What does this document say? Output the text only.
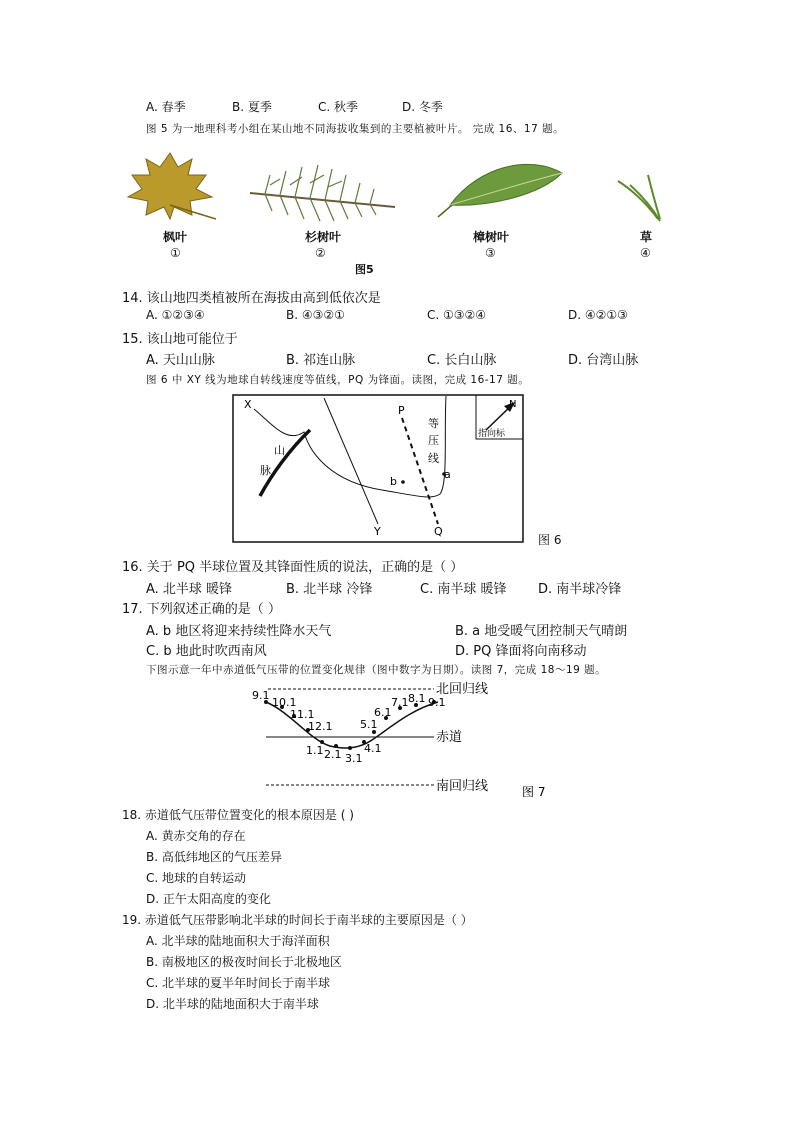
A. 春季	B. 夏季	C. 秋季	D. 冬季
图 5 为一地理科考小组在某山地不同海拔收集到的主要植被叶片。 完成 16、17 题。
枫叶
①
杉树叶
②
樟树叶
③
草
④
图5
14. 该山地四类植被所在海拔由高到低依次是
A. ①②③④	B. ④③②①	C. ①③②④	D. ④②①③
15. 该山地可能位于
A. 天山山脉	B. 祁连山脉	C. 长白山脉	D. 台湾山脉
图 6 中 XY 线为地球自转线速度等值线，PQ 为锋面。读图，完成 16-17 题。
N
指向标
X
Y
P
Q
a
b
山
脉
等
压
线
图 6
16. 关于 PQ 半球位置及其锋面性质的说法，正确的是（ ）
A. 北半球 暖锋	B. 北半球 冷锋	C. 南半球 暖锋 D. 南半球冷锋
17. 下列叙述正确的是（ ）
A. b 地区将迎来持续性降水天气	B. a 地受暖气团控制天气晴朗
C. b 地此时吹西南风	D. PQ 锋面将向南移动
下图示意一年中赤道低气压带的位置变化规律（图中数字为日期）。读图 7，完成 18～19 题。
9.1
10.1
11.1
12.1
1.1 2.1 3.1
4.1
5.1
6.1
7.1 8.1 9.1
北回归线
赤道
南回归线	图 7
18. 赤道低气压带位置变化的根本原因是 ( )
A. 黄赤交角的存在
B. 高低纬地区的气压差异
C. 地球的自转运动
D. 正午太阳高度的变化
19. 赤道低气压带影响北半球的时间长于南半球的主要原因是（ ）
A. 北半球的陆地面积大于海洋面积
B. 南极地区的极夜时间长于北极地区
C. 北半球的夏半年时间长于南半球
D. 北半球的陆地面积大于南半球
